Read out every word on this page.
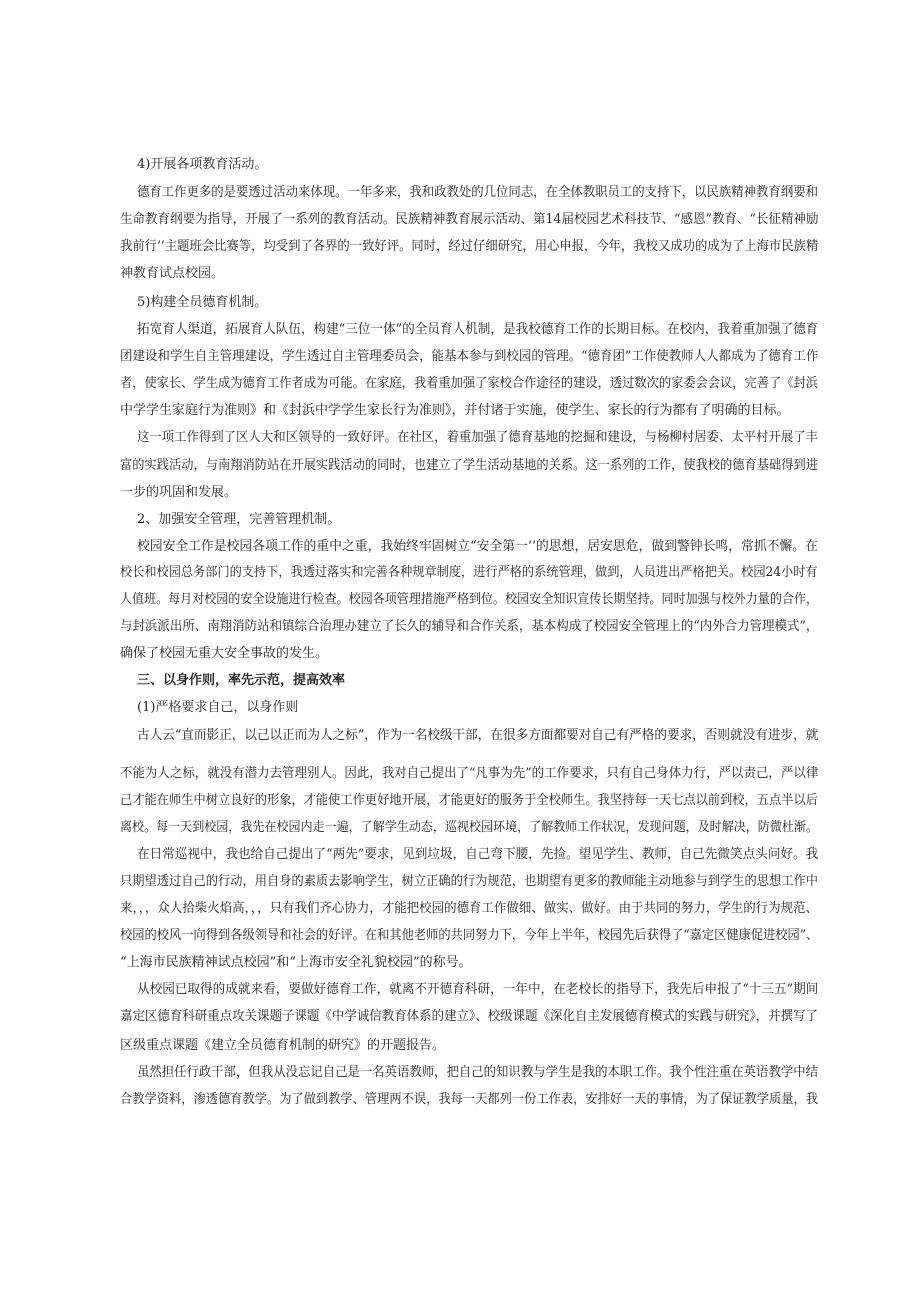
4)开展各项教育活动。
德育工作更多的是要透过活动来体现。一年多来，我和政教处的几位同志，在全体教职员工的支持下，以民族精神教育纲要和
生命教育纲要为指导，开展了一系列的教育活动。民族精神教育展示活动、第14届校园艺术科技节、“感恩”教育、“长征精神励
我前行’’主题班会比赛等，均受到了各界的一致好评。同时，经过仔细研究，用心申报，今年，我校又成功的成为了上海市民族精
神教育试点校园。
5)构建全员德育机制。
拓宽育人渠道，拓展育人队伍，构建“三位一体”的全员育人机制，是我校德育工作的长期目标。在校内，我着重加强了德育
团建设和学生自主管理建设，学生透过自主管理委员会，能基本参与到校园的管理。“德育团”工作使教师人人都成为了德育工作
者，使家长、学生成为德育工作者成为可能。在家庭，我着重加强了家校合作途径的建设，透过数次的家委会会议，完善了《封浜
中学学生家庭行为准则》和《封浜中学学生家长行为准则》，并付诸于实施，使学生、家长的行为都有了明确的目标。
这一项工作得到了区人大和区领导的一致好评。在社区，着重加强了德育基地的挖掘和建设，与杨柳村居委、太平村开展了丰
富的实践活动，与南翔消防站在开展实践活动的同时，也建立了学生活动基地的关系。这一系列的工作，使我校的德育基础得到进
一步的巩固和发展。
2、加强安全管理，完善管理机制。
校园安全工作是校园各项工作的重中之重，我始终牢固树立“安全第一’’的思想，居安思危，做到警钟长鸣，常抓不懈。在
校长和校园总务部门的支持下，我透过落实和完善各种规章制度，进行严格的系统管理，做到，人员进出严格把关。校园24小时有
人值班。每月对校园的安全设施进行检查。校园各项管理措施严格到位。校园安全知识宣传长期坚持。同时加强与校外力量的合作，
与封浜派出所、南翔消防站和镇综合治理办建立了长久的辅导和合作关系，基本构成了校园安全管理上的“内外合力管理模式”，
确保了校园无重大安全事故的发生。
三、以身作则，率先示范，提高效率
(1)严格要求自己，以身作则
古人云“直而影正，以己以正而为人之标”，作为一名校级干部，在很多方面都要对自己有严格的要求，否则就没有进步，就
不能为人之标，就没有潜力去管理别人。因此，我对自己提出了“凡事为先”的工作要求，只有自己身体力行，严以责己，严以律
己才能在师生中树立良好的形象，才能使工作更好地开展，才能更好的服务于全校师生。我坚持每一天七点以前到校，五点半以后
离校。每一天到校园，我先在校园内走一遍，了解学生动态，巡视校园环境，了解教师工作状况，发现问题，及时解决，防微杜渐。
在日常巡视中，我也给自己提出了“两先”要求，见到垃圾，自己弯下腰，先捡。望见学生、教师，自己先微笑点头问好。我
只期望透过自己的行动，用自身的素质去影响学生，树立正确的行为规范，也期望有更多的教师能主动地参与到学生的思想工作中
来，，，众人拾柴火焰高，，，只有我们齐心协力，才能把校园的德育工作做细、做实、做好。由于共同的努力，学生的行为规范、
校园的校风一向得到各级领导和社会的好评。在和其他老师的共同努力下，今年上半年，校园先后获得了“嘉定区健康促进校园”、
“上海市民族精神试点校园”和“上海市安全礼貌校园”的称号。
从校园已取得的成就来看，要做好德育工作，就离不开德育科研，一年中，在老校长的指导下，我先后申报了“十三五”期间
嘉定区德育科研重点攻关课题子课题《中学诚信教育体系的建立》、校级课题《深化自主发展德育模式的实践与研究》，并撰写了
区级重点课题《建立全员德育机制的研究》的开题报告。
虽然担任行政干部，但我从没忘记自己是一名英语教师，把自己的知识教与学生是我的本职工作。我个性注重在英语教学中结
合教学资料，渗透德育教学。为了做到教学、管理两不误，我每一天都列一份工作表，安排好一天的事情，为了保证教学质量，我
